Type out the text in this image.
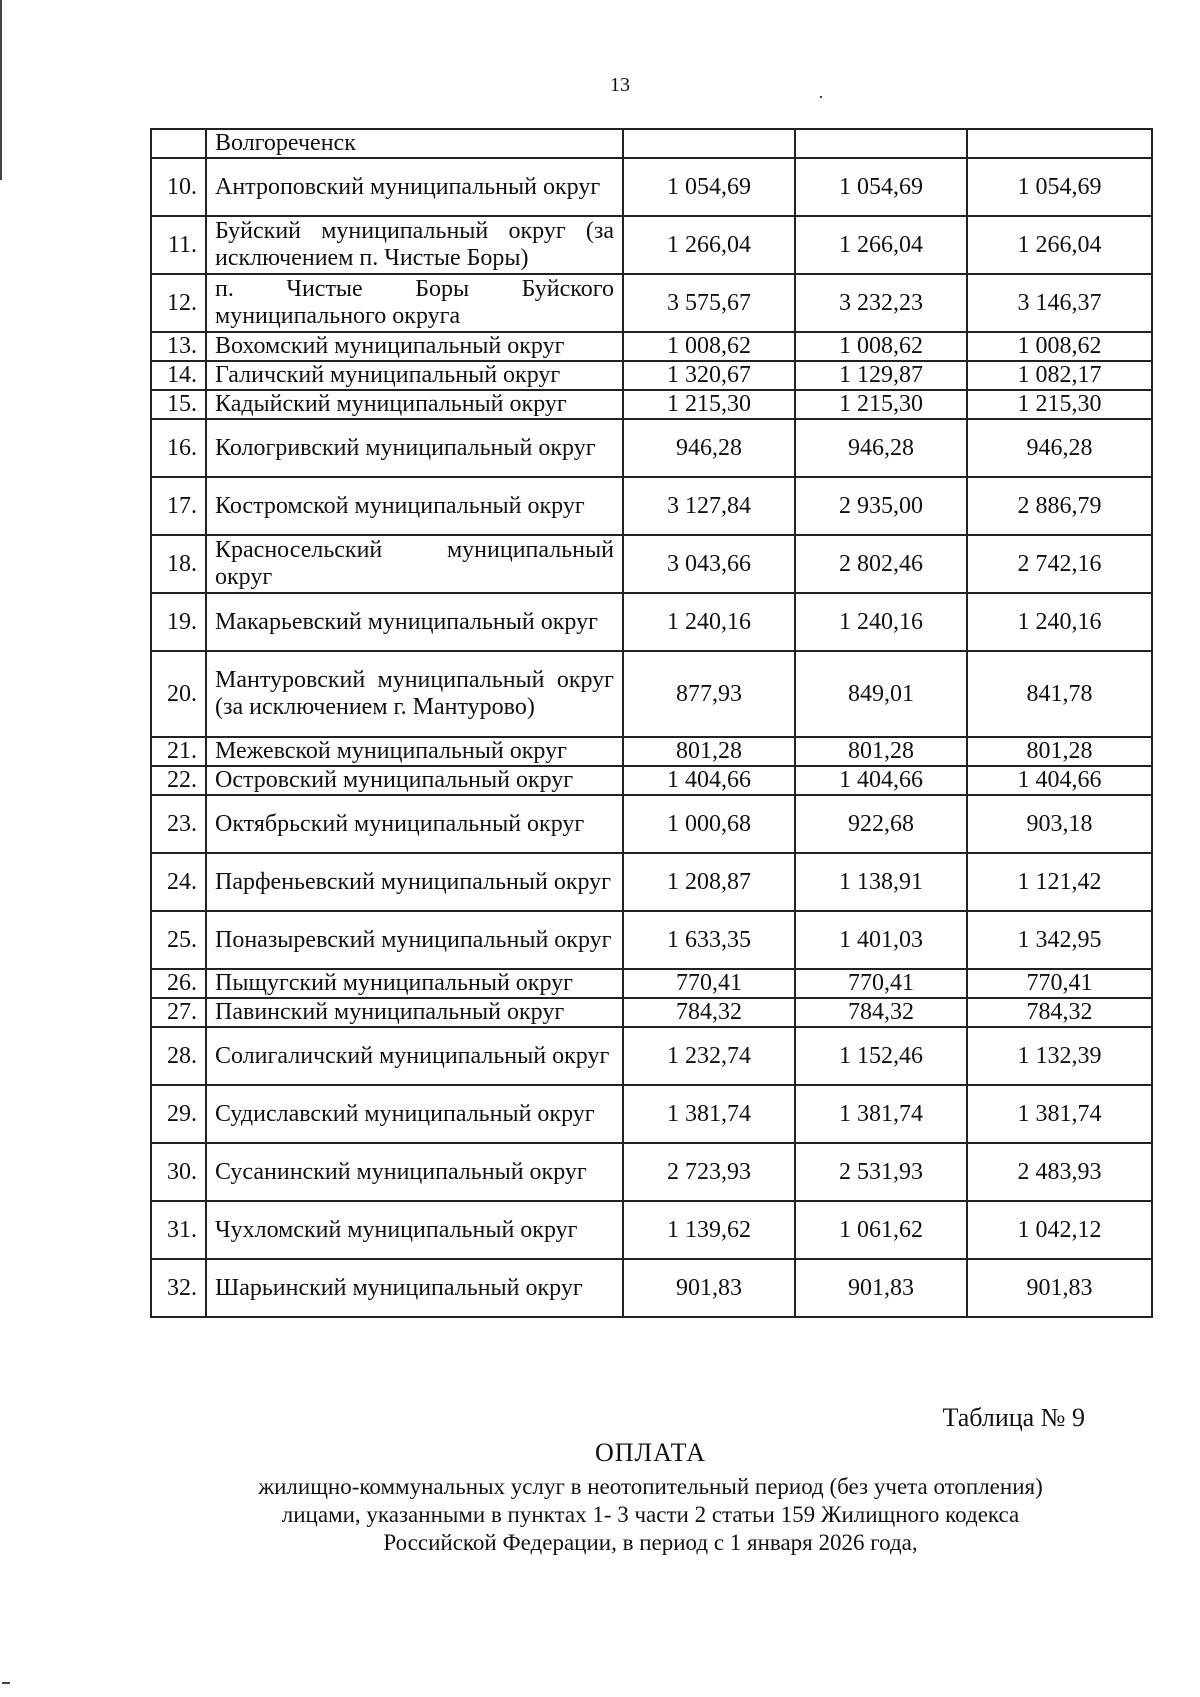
13
	Волгореченск			
10.	Антроповский муниципальный округ	1 054,69	1 054,69	1 054,69
11.	Буйский муниципальный округ (за исключением п. Чистые Боры)	1 266,04	1 266,04	1 266,04
12.	п. Чистые Боры Буйского муниципального округа	3 575,67	3 232,23	3 146,37
13.	Вохомский муниципальный округ	1 008,62	1 008,62	1 008,62
14.	Галичский муниципальный округ	1 320,67	1 129,87	1 082,17
15.	Кадыйский муниципальный округ	1 215,30	1 215,30	1 215,30
16.	Кологривский муниципальный округ	946,28	946,28	946,28
17.	Костромской муниципальный округ	3 127,84	2 935,00	2 886,79
18.	Красносельский муниципальный округ	3 043,66	2 802,46	2 742,16
19.	Макарьевский муниципальный округ	1 240,16	1 240,16	1 240,16
20.	Мантуровский муниципальный округ (за исключением г. Мантурово)	877,93	849,01	841,78
21.	Межевской муниципальный округ	801,28	801,28	801,28
22.	Островский муниципальный округ	1 404,66	1 404,66	1 404,66
23.	Октябрьский муниципальный округ	1 000,68	922,68	903,18
24.	Парфеньевский муниципальный округ	1 208,87	1 138,91	1 121,42
25.	Поназыревский муниципальный округ	1 633,35	1 401,03	1 342,95
26.	Пыщугский муниципальный округ	770,41	770,41	770,41
27.	Павинский муниципальный округ	784,32	784,32	784,32
28.	Солигаличский муниципальный округ	1 232,74	1 152,46	1 132,39
29.	Судиславский муниципальный округ	1 381,74	1 381,74	1 381,74
30.	Сусанинский муниципальный округ	2 723,93	2 531,93	2 483,93
31.	Чухломский муниципальный округ	1 139,62	1 061,62	1 042,12
32.	Шарьинский муниципальный округ	901,83	901,83	901,83
Таблица № 9
ОПЛАТА
жилищно-коммунальных услуг в неотопительный период (без учета отопления)
лицами, указанными в пунктах 1- 3 части 2 статьи 159 Жилищного кодекса
Российской Федерации, в период с 1 января 2026 года,
